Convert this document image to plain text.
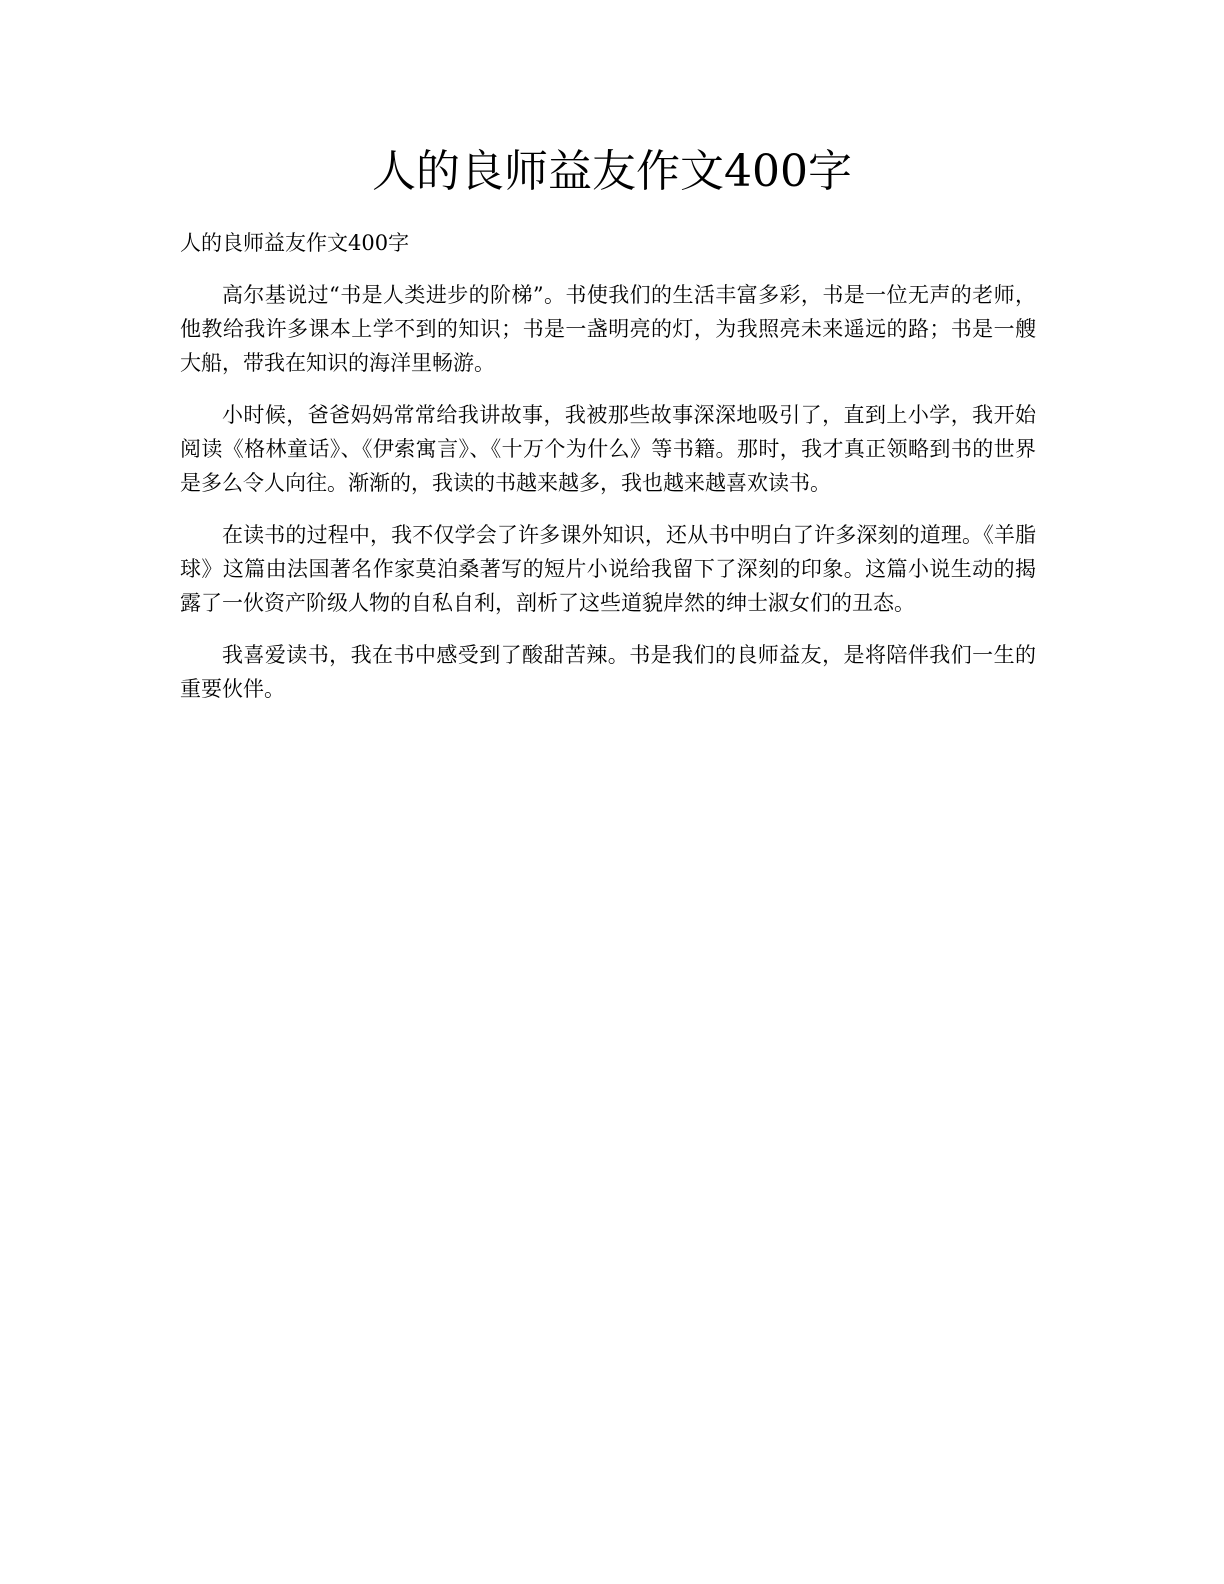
人的良师益友作文400字

人的良师益友作文400字

高尔基说过“书是人类进步的阶梯”。书使我们的生活丰富多彩，书是一位无声的老师，他教给我许多课本上学不到的知识；书是一盏明亮的灯，为我照亮未来遥远的路；书是一艘大船，带我在知识的海洋里畅游。

小时候，爸爸妈妈常常给我讲故事，我被那些故事深深地吸引了，直到上小学，我开始阅读《格林童话》、《伊索寓言》、《十万个为什么》等书籍。那时，我才真正领略到书的世界是多么令人向往。渐渐的，我读的书越来越多，我也越来越喜欢读书。

在读书的过程中，我不仅学会了许多课外知识，还从书中明白了许多深刻的道理。《羊脂球》这篇由法国著名作家莫泊桑著写的短片小说给我留下了深刻的印象。这篇小说生动的揭露了一伙资产阶级人物的自私自利，剖析了这些道貌岸然的绅士淑女们的丑态。

我喜爱读书，我在书中感受到了酸甜苦辣。书是我们的良师益友，是将陪伴我们一生的重要伙伴。
